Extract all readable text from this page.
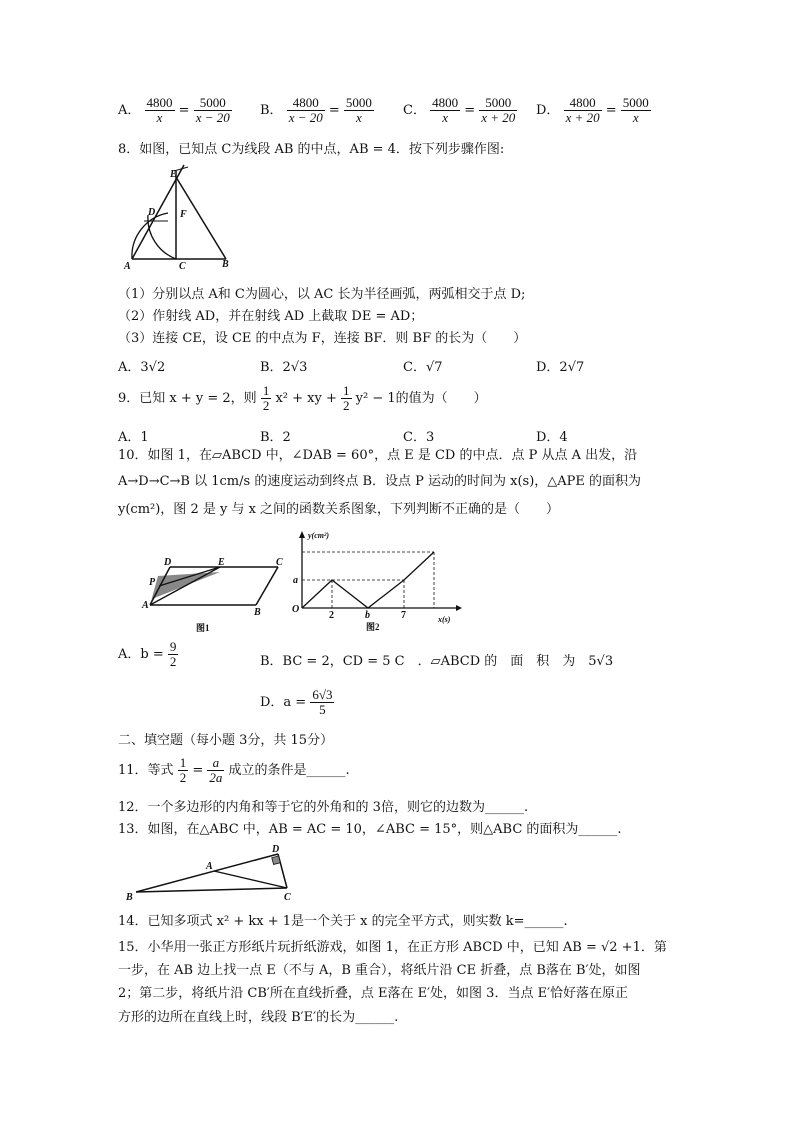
A． $\frac{4800}{x} = \frac{5000}{x - 20}$ B． $\frac{4800}{x - 20} = \frac{5000}{x}$ C． $\frac{4800}{x} = \frac{5000}{x + 20}$ D． $\frac{4800}{x + 20} = \frac{5000}{x}$
8．如图，已知点 C为线段 AB 的中点，AB = 4．按下列步骤作图:
E
D F
A	C	B
（1）分别以点 A和 C为圆心，以 AC 长为半径画弧，两弧相交于点 D;
（2）作射线 AD，并在射线 AD 上截取 DE = AD；
（3）连接 CE，设 CE 的中点为 F，连接 BF．则 BF 的长为（　　）
A．3√2	B．2√3	C．√7	D．2√7
9．已知 x + y = 2，则 $\frac{1}{2} x^2$ + xy + $\frac{1}{2} y^2 - 1$的值为（　　）
A．1	B．2	C．3	D．4
10．如图 1，在▱ABCD 中，∠DAB = 60°，点 E 是 CD 的中点．点 P 从点 A 出发，沿
A→D→C→B 以 1cm/s 的速度运动到终点 B．设点 P 运动的时间为 x(s)，△APE 的面积为
y(cm²)，图 2 是 y 与 x 之间的函数关系图象，下列判断不正确的是（　　）
D	E	C
P
A
B
图1
y(cm²)
a
O
2	b	7	x(s)
图2
A．$b = \frac{9}{2}$	B．BC = 2，CD = 5 C　．▱ABCD 的　面　积　为　5√3
D．$a = \frac{6√3}{5}$
二、填空题（每小题 3分，共 15分）
11．等式 $\frac{1}{2} = \frac{a}{2a}$ 成立的条件是______.
12．一个多边形的内角和等于它的外角和的 3倍，则它的边数为______.
13．如图，在△ABC 中，AB = AC = 10，∠ABC = 15°，则△ABC 的面积为______.
D
A
B	C
14．已知多项式 x² + kx + 1是一个关于 x 的完全平方式，则实数 k=______.
15．小华用一张正方形纸片玩折纸游戏，如图 1，在正方形 ABCD 中，已知 AB = √2 +1．第
一步，在 AB 边上找一点 E（不与 A，B 重合），将纸片沿 CE 折叠，点 B落在 B′处，如图
2；第二步，将纸片沿 CB′所在直线折叠，点 E落在 E′处，如图 3．当点 E′恰好落在原正
方形的边所在直线上时，线段 B′E′的长为______.
